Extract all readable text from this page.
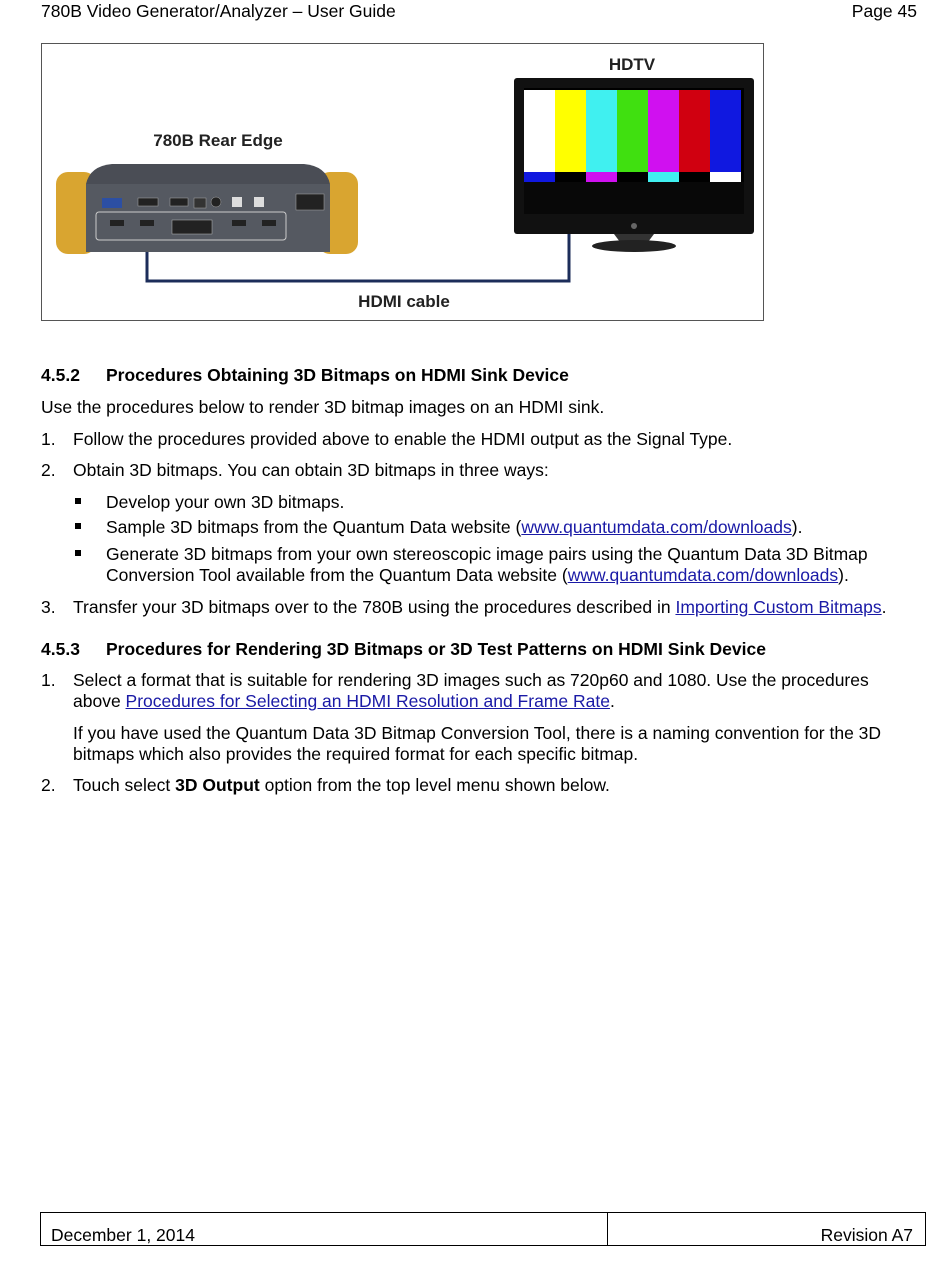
780B Video Generator/Analyzer – User Guide	Page 45
HDTV
780B Rear Edge
HDMI cable
4.5.2 Procedures Obtaining 3D Bitmaps on HDMI Sink Device
Use the procedures below to render 3D bitmap images on an HDMI sink.
1. Follow the procedures provided above to enable the HDMI output as the Signal Type.
2. Obtain 3D bitmaps. You can obtain 3D bitmaps in three ways:
Develop your own 3D bitmaps.
Sample 3D bitmaps from the Quantum Data website (www.quantumdata.com/downloads).
Generate 3D bitmaps from your own stereoscopic image pairs using the Quantum Data 3D Bitmap
Conversion Tool available from the Quantum Data website (www.quantumdata.com/downloads).
3. Transfer your 3D bitmaps over to the 780B using the procedures described in Importing Custom Bitmaps.
4.5.3 Procedures for Rendering 3D Bitmaps or 3D Test Patterns on HDMI Sink Device
1. Select a format that is suitable for rendering 3D images such as 720p60 and 1080. Use the procedures
above Procedures for Selecting an HDMI Resolution and Frame Rate.
If you have used the Quantum Data 3D Bitmap Conversion Tool, there is a naming convention for the 3D
bitmaps which also provides the required format for each specific bitmap.
2. Touch select 3D Output option from the top level menu shown below.
December 1, 2014	Revision A7
